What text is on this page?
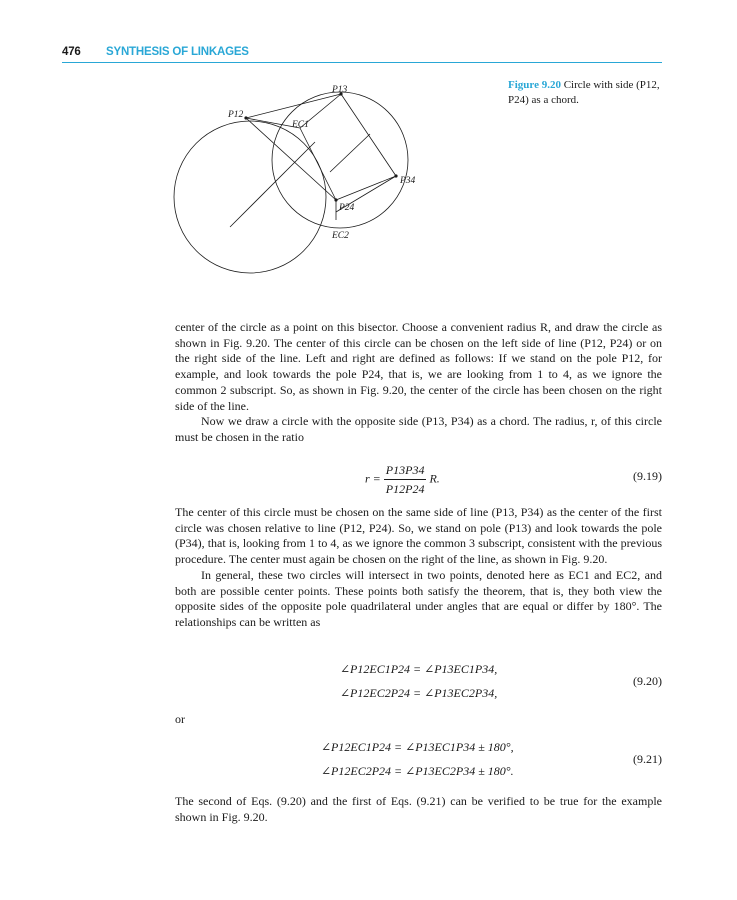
476 SYNTHESIS OF LINKAGES
P12
P13
P34
P24
EC1
EC2
Figure 9.20 Circle with side (P12, P24) as a chord.

center of the circle as a point on this bisector. Choose a convenient radius R, and draw the circle as shown in Fig. 9.20. The center of this circle can be chosen on the left side of line (P12, P24) or on the right side of the line. Left and right are defined as follows: If we stand on the pole P12, for example, and look towards the pole P24, that is, we are looking from 1 to 4, as we ignore the common 2 subscript. So, as shown in Fig. 9.20, the center of the circle has been chosen on the right side of the line.

Now we draw a circle with the opposite side (P13, P34) as a chord. The radius, r, of this circle must be chosen in the ratio

$r = \frac{P13P34}{P12P24} R$.	(9.19)

The center of this circle must be chosen on the same side of line (P13, P34) as the center of the first circle was chosen relative to line (P12, P24). So, we stand on pole (P13) and look towards the pole (P34), that is, looking from 1 to 4, as we ignore the common 3 subscript, consistent with the previous procedure. The center must again be chosen on the right of the line, as shown in Fig. 9.20.

In general, these two circles will intersect in two points, denoted here as EC1 and EC2, and both are possible center points. These points both satisfy the theorem, that is, they both view the opposite sides of the opposite pole quadrilateral under angles that are equal or differ by 180°. The relationships can be written as

∠P12EC1P24 = ∠P13EC1P34,
∠P12EC2P24 = ∠P13EC2P34,
(9.20)

or

∠P12EC1P24 = ∠P13EC1P34 ± 180°,
∠P12EC2P24 = ∠P13EC2P34 ± 180°.
(9.21)

The second of Eqs. (9.20) and the first of Eqs. (9.21) can be verified to be true for the example shown in Fig. 9.20.
